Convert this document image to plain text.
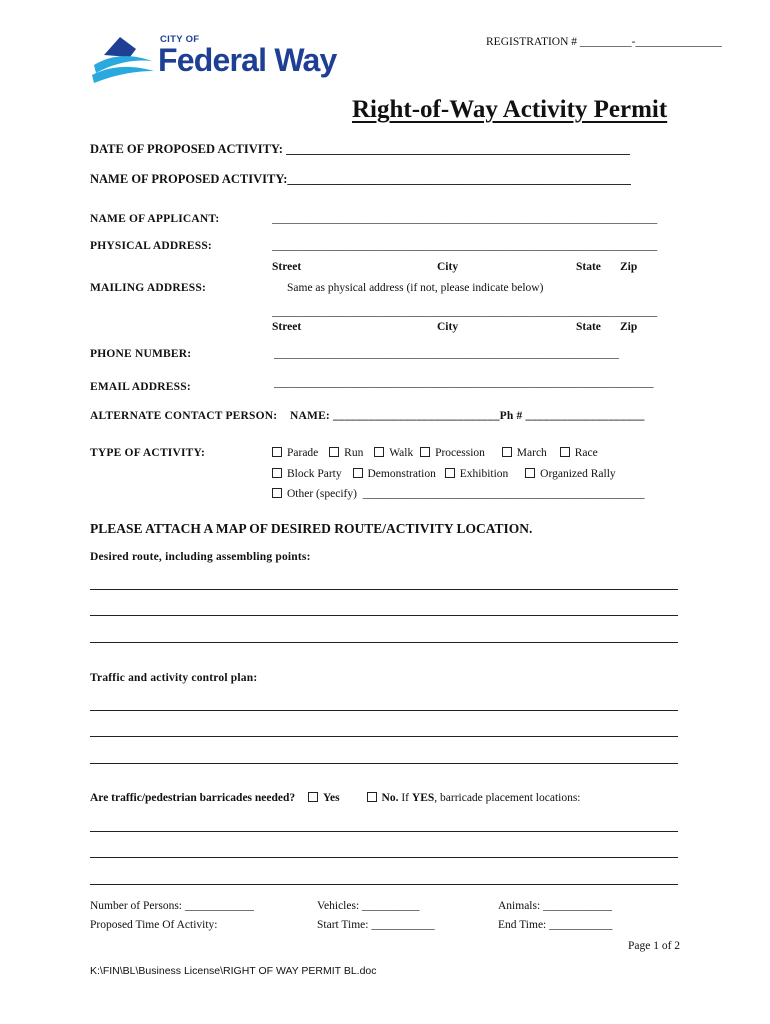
CITY OF
Federal Way	REGISTRATION # _________-_______________
Right-of-Way Activity Permit
DATE OF PROPOSED ACTIVITY: _______________________________________________________
NAME OF PROPOSED ACTIVITY:_______________________________________________________
NAME OF APPLICANT:	___________________________________________________________________
PHYSICAL ADDRESS:	___________________________________________________________________
Street	City	State Zip
MAILING ADDRESS:	Same as physical address (if not, please indicate below)
___________________________________________________________________
Street	City	State Zip
PHONE NUMBER:	____________________________________________________________
EMAIL ADDRESS:	__________________________________________________________________
ALTERNATE CONTACT PERSON: NAME: ____________________________Ph # ____________________
TYPE OF ACTIVITY:	Parade Run Walk Procession	March Race
Block Party Demonstration Exhibition	Organized Rally
Other (specify) _________________________________________________
PLEASE ATTACH A MAP OF DESIRED ROUTE/ACTIVITY LOCATION.
Desired route, including assembling points:
Traffic and activity control plan:
Are traffic/pedestrian barricades needed? Yes	No. If YES, barricade placement locations:
Number of Persons: ____________	Vehicles: __________	Animals: ____________
Proposed Time Of Activity:	Start Time: ___________	End Time: ___________
Page 1 of 2
K:\FIN\BL\Business License\RIGHT OF WAY PERMIT BL.doc
